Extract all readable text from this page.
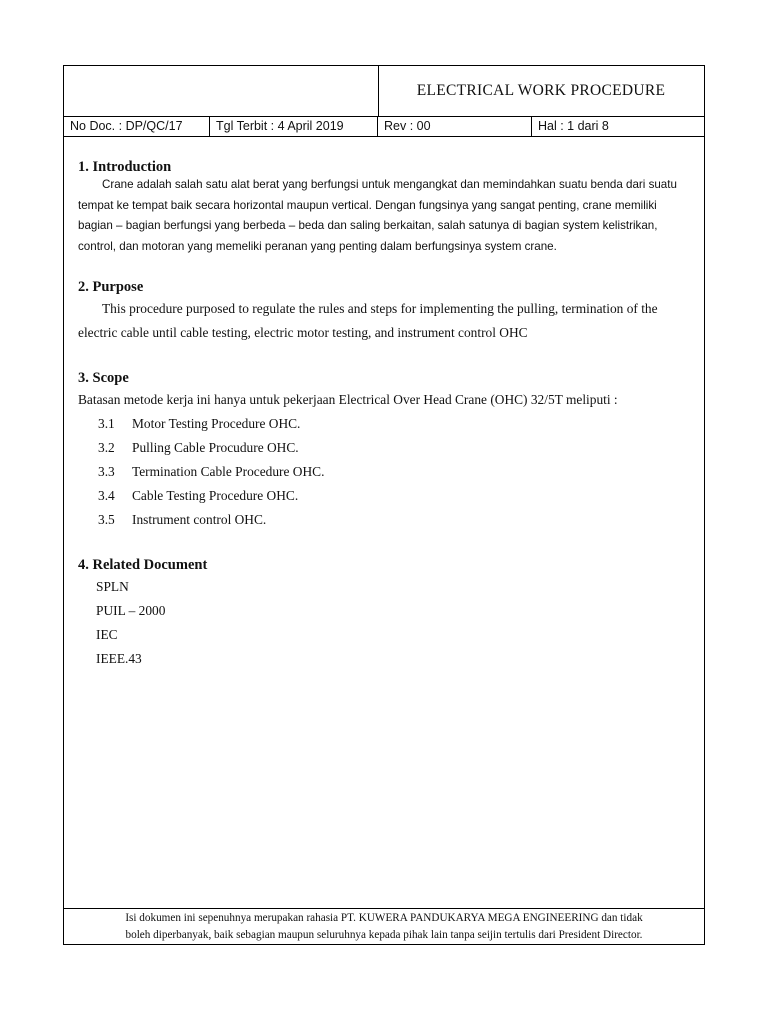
ELECTRICAL WORK PROCEDURE
No Doc. : DP/QC/17	Tgl Terbit : 4 April 2019	Rev : 00	Hal : 1 dari 8

1. Introduction

Crane adalah salah satu alat berat yang berfungsi untuk mengangkat dan memindahkan suatu benda dari suatu tempat ke tempat baik secara horizontal maupun vertical. Dengan fungsinya yang sangat penting, crane memiliki bagian – bagian berfungsi yang berbeda – beda dan saling berkaitan, salah satunya di bagian system kelistrikan, control, dan motoran yang memeliki peranan yang penting dalam berfungsinya system crane.

2. Purpose

This procedure purposed to regulate the rules and steps for implementing the pulling, termination of the electric cable until cable testing, electric motor testing, and instrument control OHC

3. Scope

Batasan metode kerja ini hanya untuk pekerjaan Electrical Over Head Crane (OHC) 32/5T meliputi :

3.1 Motor Testing Procedure OHC.
3.2 Pulling Cable Procudure OHC.
3.3 Termination Cable Procedure OHC.
3.4 Cable Testing Procedure OHC.
3.5 Instrument control OHC.

4. Related Document

SPLN
PUIL – 2000
IEC
IEEE.43
Isi dokumen ini sepenuhnya merupakan rahasia PT. KUWERA PANDUKARYA MEGA ENGINEERING dan tidak
boleh diperbanyak, baik sebagian maupun seluruhnya kepada pihak lain tanpa seijin tertulis dari President Director.
